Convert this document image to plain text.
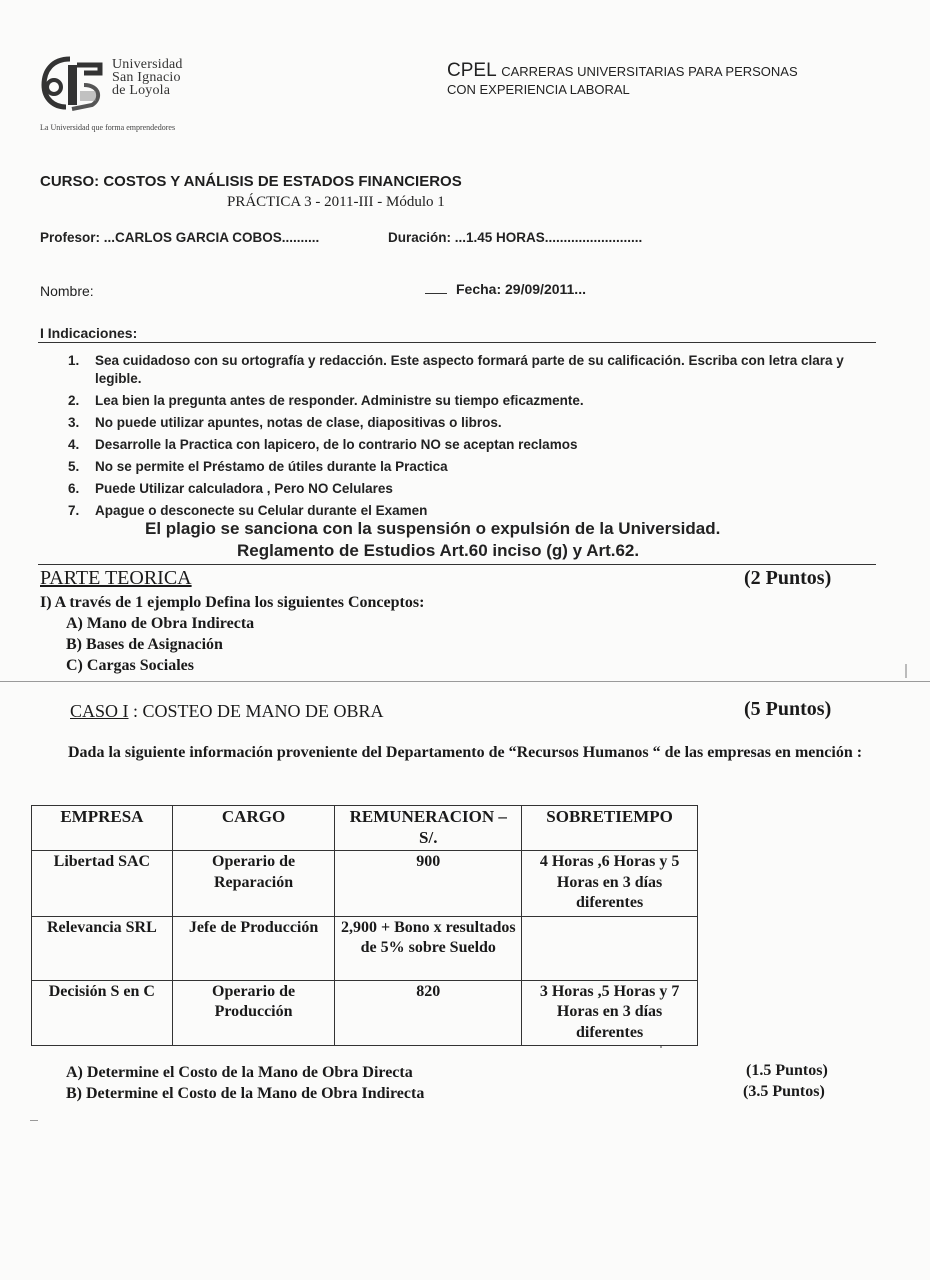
Universidad
San Ignacio
de Loyola
La Universidad que forma emprendedores
CPEL CARRERAS UNIVERSITARIAS PARA PERSONAS
CON EXPERIENCIA LABORAL
CURSO: COSTOS Y ANÁLISIS DE ESTADOS FINANCIEROS
PRÁCTICA 3 - 2011-III - Módulo 1
Profesor: ...CARLOS GARCIA COBOS..........	Duración: ...1.45 HORAS..........................
Nombre:	Fecha: 29/09/2011...
I Indicaciones:
1.	Sea cuidadoso con su ortografía y redacción. Este aspecto formará parte de su calificación. Escriba con letra clara y legible.
2.	Lea bien la pregunta antes de responder. Administre su tiempo eficazmente.
3.	No puede utilizar apuntes, notas de clase, diapositivas o libros.
4.	Desarrolle la Practica con lapicero, de lo contrario NO se aceptan reclamos
5.	No se permite el Préstamo de útiles durante la Practica
6.	Puede Utilizar calculadora , Pero NO Celulares
7.	Apague o desconecte su Celular durante el Examen
El plagio se sanciona con la suspensión o expulsión de la Universidad.
Reglamento de Estudios Art.60 inciso (g) y Art.62.
PARTE TEORICA	(2 Puntos)
I) A través de 1 ejemplo Defina los siguientes Conceptos:
A) Mano de Obra Indirecta
B) Bases de Asignación
C) Cargas Sociales
CASO I : COSTEO DE MANO DE OBRA	(5 Puntos)
Dada la siguiente información proveniente del Departamento de “Recursos Humanos “ de las empresas en mención :
EMPRESA	CARGO	REMUNERACION – S/.	SOBRETIEMPO
Libertad SAC	Operario de Reparación	900	4 Horas ,6 Horas y 5 Horas en 3 días diferentes
Relevancia SRL	Jefe de Producción	2,900 + Bono x resultados de 5% sobre Sueldo	
Decisión S en C	Operario de Producción	820	3 Horas ,5 Horas y 7 Horas en 3 días diferentes
A) Determine el Costo de la Mano de Obra Directa	(1.5 Puntos)
B) Determine el Costo de la Mano de Obra Indirecta	(3.5 Puntos)
